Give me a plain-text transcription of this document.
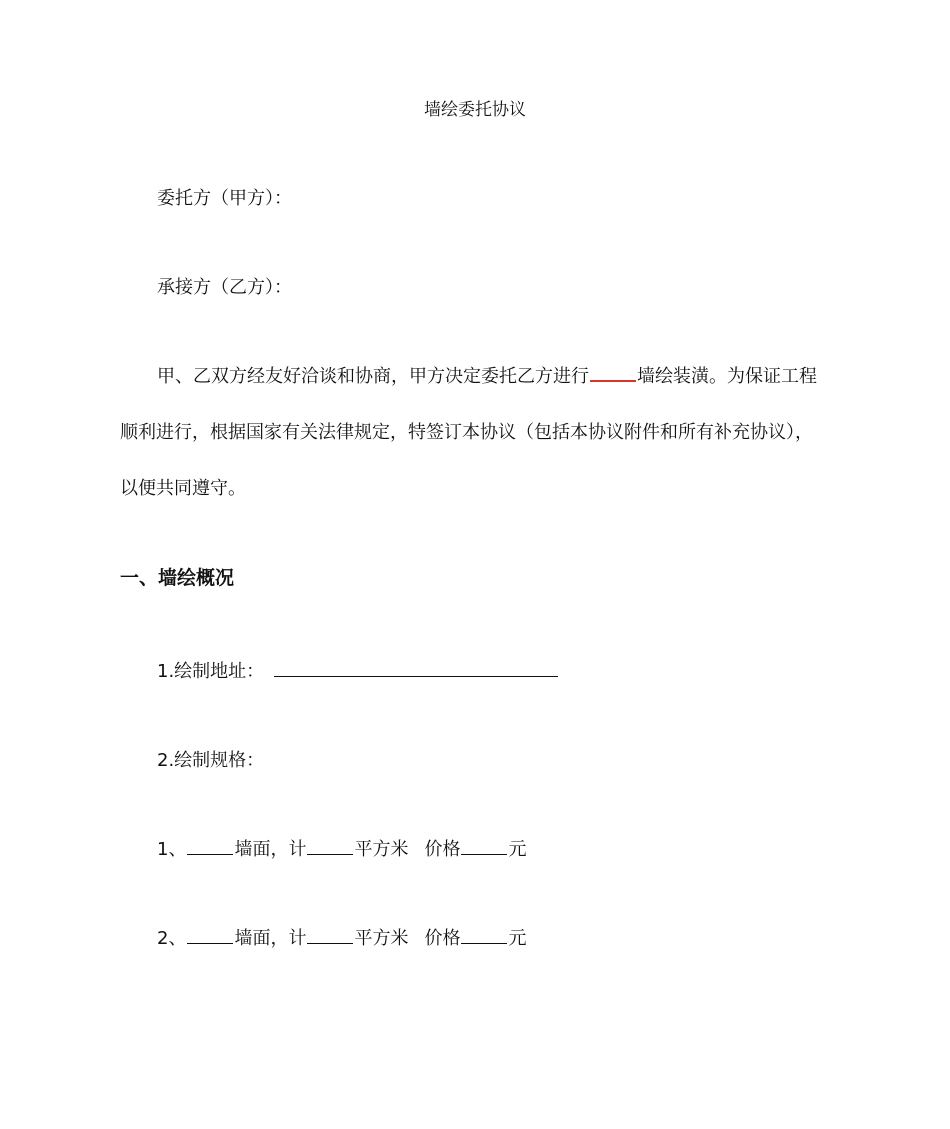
墙绘委托协议
委托方（甲方）：
承接方（乙方）：
甲、乙双方经友好洽谈和协商，甲方决定委托乙方进行	墙绘装潢。为保证工程
顺利进行，根据国家有关法律规定，特签订本协议（包括本协议附件和所有补充协议），
以便共同遵守。
一、墙绘概况
1.绘制地址：
2.绘制规格：
1、	墙面，计	平方米 价格	元
2、	墙面，计	平方米 价格	元
